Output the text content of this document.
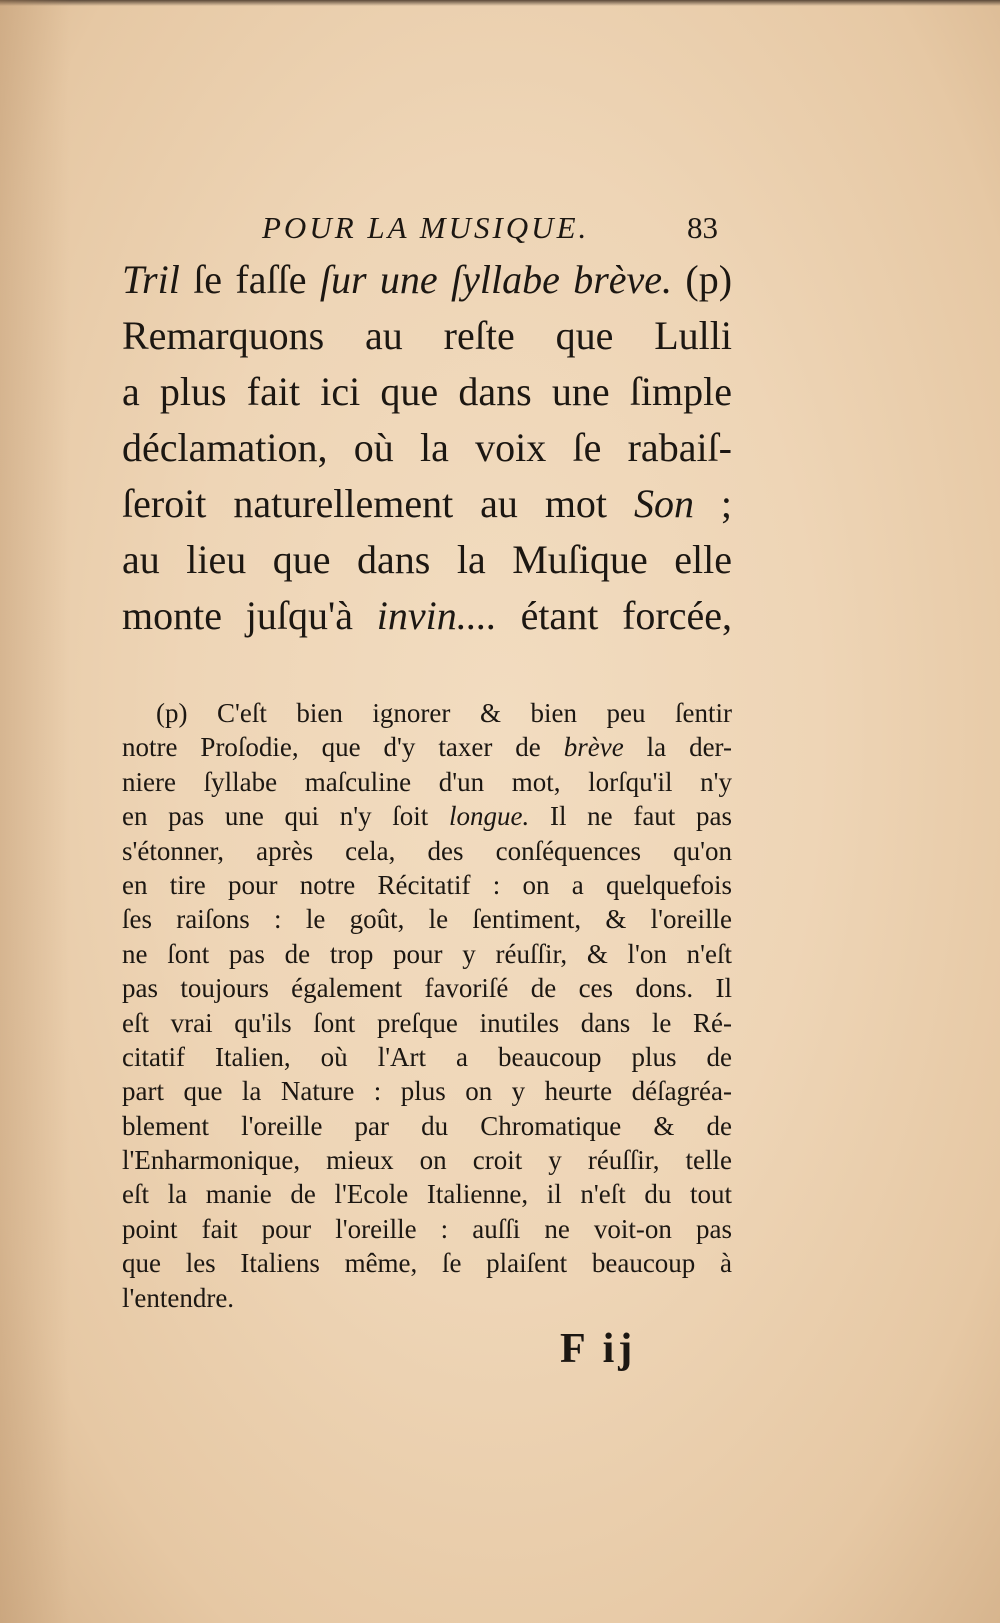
POUR LA MUSIQUE.	83
Tril ſe faſſe ſur une ſyllabe brève. (p)
Remarquons au reſte que Lulli
a plus fait ici que dans une ſimple
déclamation, où la voix ſe rabaiſ-
ſeroit naturellement au mot Son ;
au lieu que dans la Muſique elle
monte juſqu'à invin.... étant forcée,
(p) C'eſt bien ignorer & bien peu ſentir
notre Proſodie, que d'y taxer de brève la der-
niere ſyllabe maſculine d'un mot, lorſqu'il n'y
en pas une qui n'y ſoit longue. Il ne faut pas
s'étonner, après cela, des conſéquences qu'on
en tire pour notre Récitatif : on a quelquefois
ſes raiſons : le goût, le ſentiment, & l'oreille
ne ſont pas de trop pour y réuſſir, & l'on n'eſt
pas toujours également favoriſé de ces dons. Il
eſt vrai qu'ils ſont preſque inutiles dans le Ré-
citatif Italien, où l'Art a beaucoup plus de
part que la Nature : plus on y heurte déſagréa-
blement l'oreille par du Chromatique & de
l'Enharmonique, mieux on croit y réuſſir, telle
eſt la manie de l'Ecole Italienne, il n'eſt du tout
point fait pour l'oreille : auſſi ne voit-on pas
que les Italiens même, ſe plaiſent beaucoup à
l'entendre.
F ij
